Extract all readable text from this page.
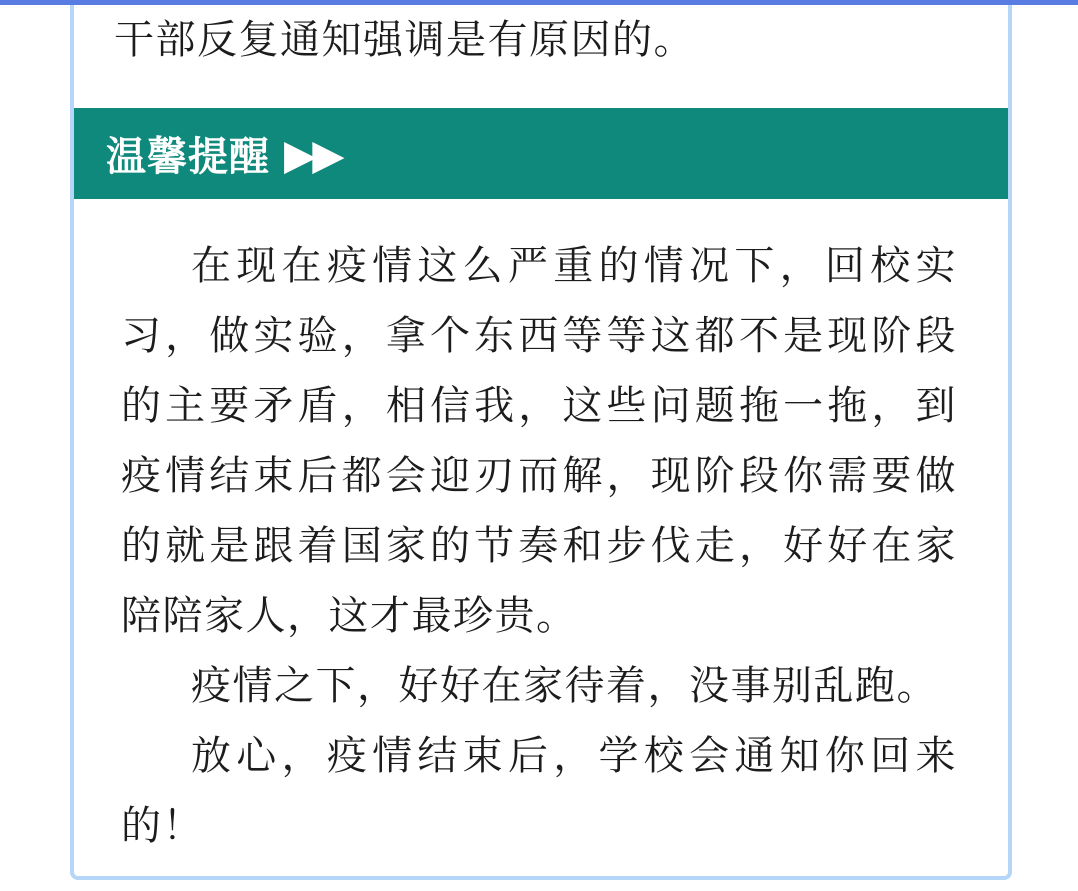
干部反复通知强调是有原因的。
温馨提醒 ▶▶
在现在疫情这么严重的情况下，回校实
习，做实验，拿个东西等等这都不是现阶段
的主要矛盾，相信我，这些问题拖一拖，到
疫情结束后都会迎刃而解，现阶段你需要做
的就是跟着国家的节奏和步伐走，好好在家
陪陪家人，这才最珍贵。
疫情之下，好好在家待着，没事别乱跑。
放心，疫情结束后，学校会通知你回来
的！
